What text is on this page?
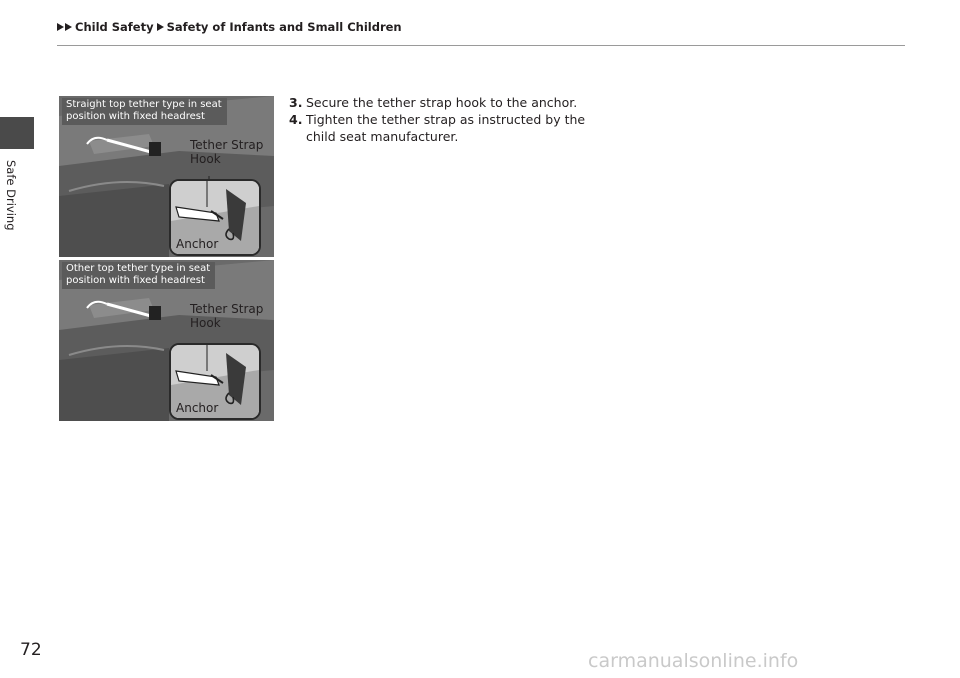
Child Safety Safety of Infants and Small Children
Safe Driving
Straight top tether type in seat
position with fixed headrest
Tether Strap
Hook
Anchor
Other top tether type in seat
position with fixed headrest
Tether Strap
Hook
Anchor
3. Secure the tether strap hook to the anchor.
4. Tighten the tether strap as instructed by the child seat manufacturer.
72	carmanualsonline.info
